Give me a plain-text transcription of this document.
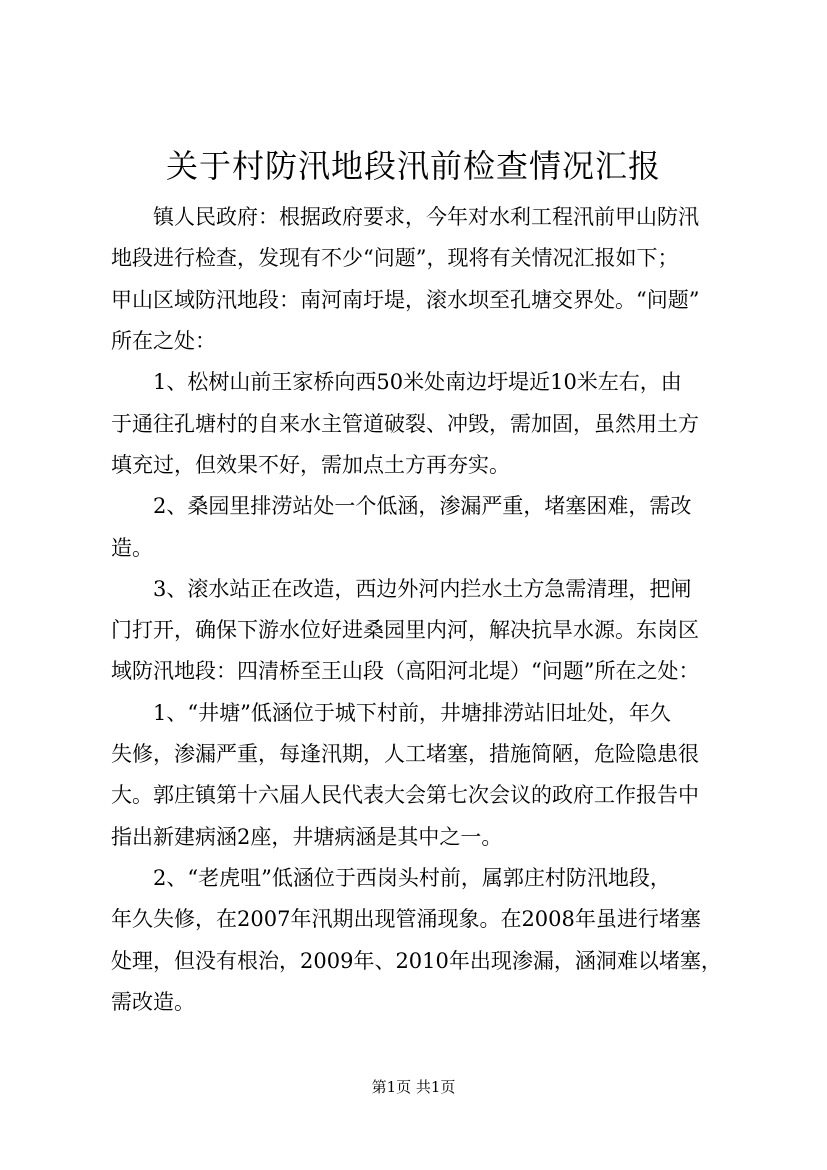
关于村防汛地段汛前检查情况汇报

镇人民政府：根据政府要求，今年对水利工程汛前甲山防汛

地段进行检查，发现有不少“问题”，现将有关情况汇报如下；

甲山区域防汛地段：南河南圩堤，滚水坝至孔塘交界处。“问题”

所在之处：

1、松树山前王家桥向西50米处南边圩堤近10米左右，由

于通往孔塘村的自来水主管道破裂、冲毁，需加固，虽然用土方

填充过，但效果不好，需加点土方再夯实。

2、桑园里排涝站处一个低涵，渗漏严重，堵塞困难，需改

造。

3、滚水站正在改造，西边外河内拦水土方急需清理，把闸

门打开，确保下游水位好进桑园里内河，解决抗旱水源。东岗区

域防汛地段：四清桥至王山段（高阳河北堤）“问题”所在之处：

1、“井塘”低涵位于城下村前，井塘排涝站旧址处，年久

失修，渗漏严重，每逢汛期，人工堵塞，措施简陋，危险隐患很

大。郭庄镇第十六届人民代表大会第七次会议的政府工作报告中

指出新建病涵2座，井塘病涵是其中之一。

2、“老虎咀”低涵位于西岗头村前，属郭庄村防汛地段，

年久失修，在2007年汛期出现管涌现象。在2008年虽进行堵塞

处理，但没有根治，2009年、2010年出现渗漏，涵洞难以堵塞，

需改造。

第1页 共1页
